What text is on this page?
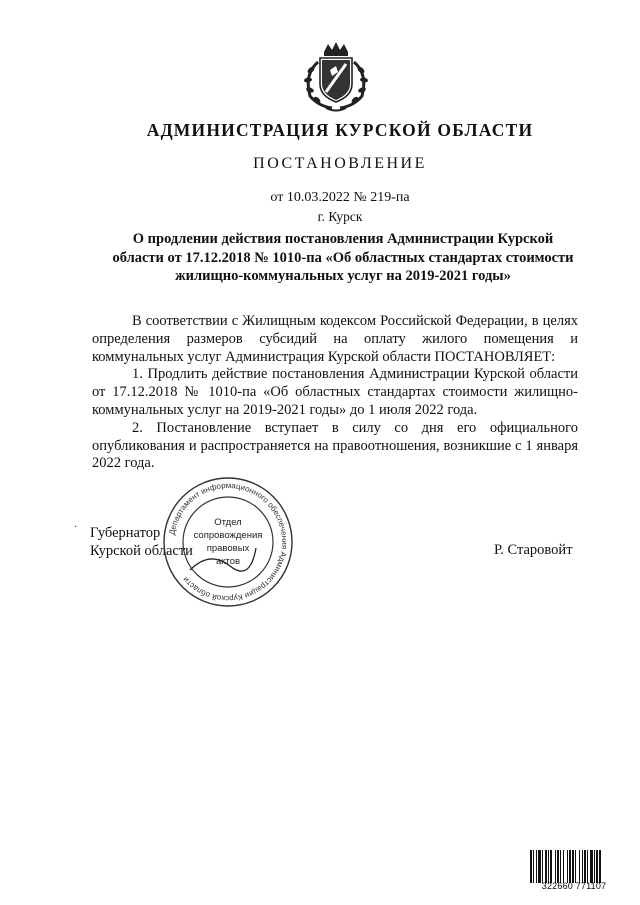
АДМИНИСТРАЦИЯ КУРСКОЙ ОБЛАСТИ
ПОСТАНОВЛЕНИЕ
от 10.03.2022 № 219-па
г. Курск
О продлении действия постановления Администрации Курской
области от 17.12.2018 № 1010-па «Об областных стандартах стоимости
жилищно-коммунальных услуг на 2019-2021 годы»

В соответствии с Жилищным кодексом Российской Федерации, в целях определения размеров субсидий на оплату жилого помещения и коммунальных услуг Администрация Курской области ПОСТАНОВЛЯЕТ:

1. Продлить действие постановления Администрации Курской области от 17.12.2018 № 1010-па «Об областных стандартах стоимости жилищно-коммунальных услуг на 2019-2021 годы» до 1 июля 2022 года.

2. Постановление вступает в силу со дня его официального опубликования и распространяется на правоотношения, возникшие с 1 января 2022 года.

· Губернатор
Курской области	Р. Старовойт
Департамент информационного обеспечения Администрации Курской области
Отдел
сопровождения
правовых
актов
322660 771107
